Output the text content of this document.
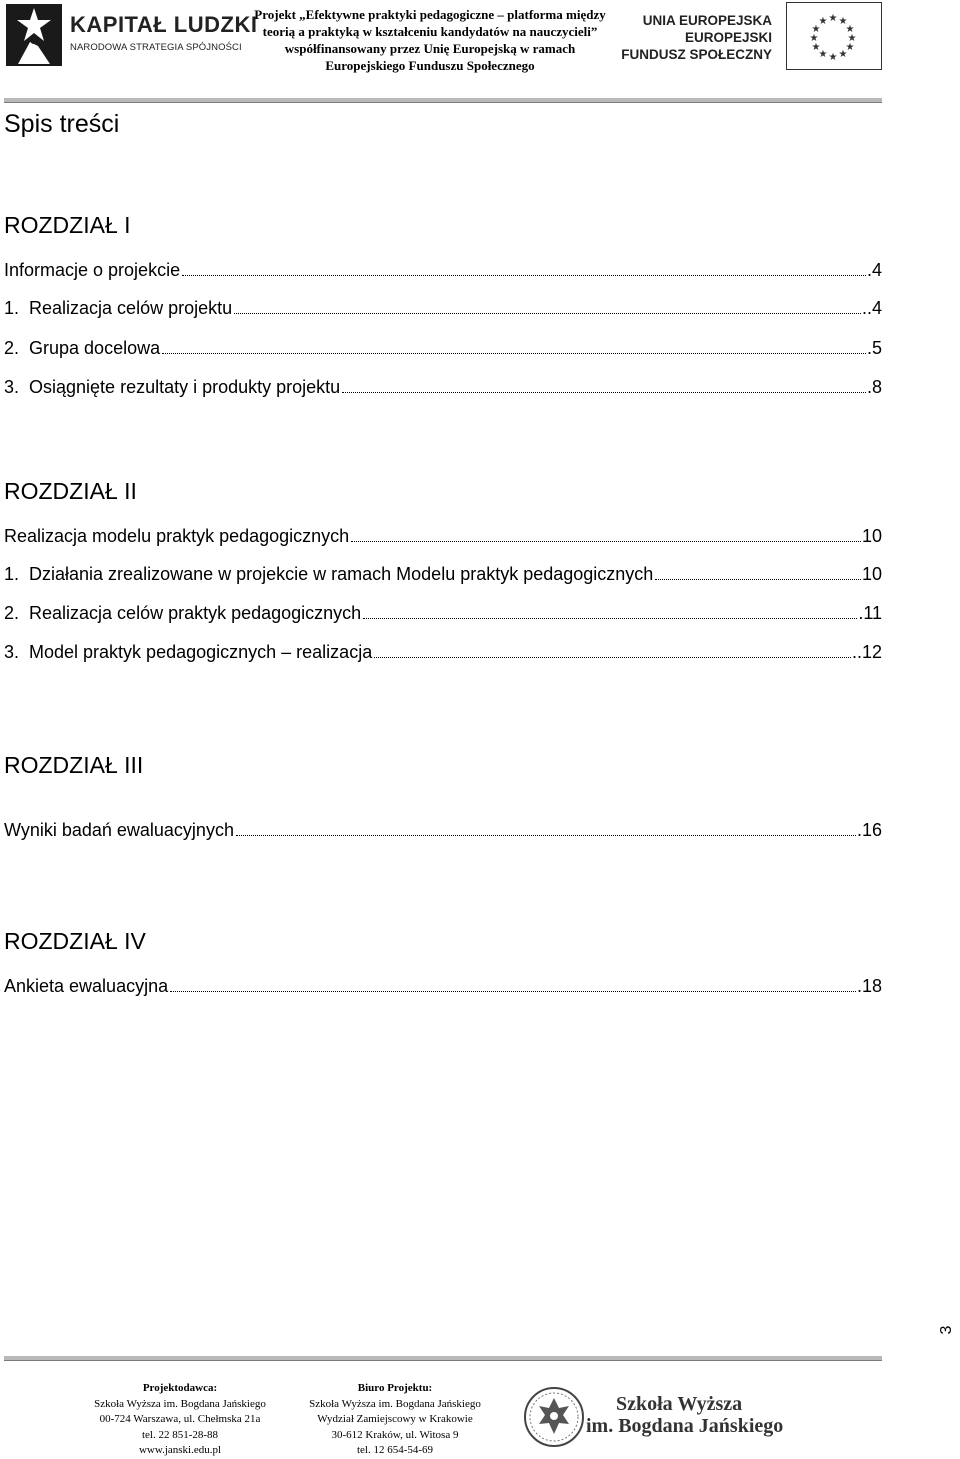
KAPITAŁ LUDZKI
NARODOWA STRATEGIA SPÓJNOŚCI
Projekt „Efektywne praktyki pedagogiczne – platforma między
teorią a praktyką w kształceniu kandydatów na nauczycieli”
współfinansowany przez Unię Europejską w ramach
Europejskiego Funduszu Społecznego
UNIA EUROPEJSKA
EUROPEJSKI
FUNDUSZ SPOŁECZNY
★ ★
★
★
★
★
★
★
★
★
★
★
Spis treści
ROZDZIAŁ I
Informacje o projekcie	.4
1.  Realizacja celów projektu	..4
2.  Grupa docelowa	.5
3.  Osiągnięte rezultaty i produkty projektu	.8
ROZDZIAŁ II
Realizacja modelu praktyk pedagogicznych	10
1.  Działania zrealizowane w projekcie w ramach Modelu praktyk pedagogicznych	10
2.  Realizacja celów praktyk pedagogicznych	.11
3.  Model praktyk pedagogicznych – realizacja	..12
ROZDZIAŁ III
Wyniki badań ewaluacyjnych	.16
ROZDZIAŁ IV
Ankieta ewaluacyjna	.18
3
Projektodawca:
Szkoła Wyższa im. Bogdana Jańskiego
00-724 Warszawa, ul. Chełmska 21a
tel. 22 851-28-88
www.janski.edu.pl
Biuro Projektu:
Szkoła Wyższa im. Bogdana Jańskiego
Wydział Zamiejscowy w Krakowie
30-612 Kraków, ul. Witosa 9
tel. 12 654-54-69
Szkoła Wyższa
im. Bogdana Jańskiego
